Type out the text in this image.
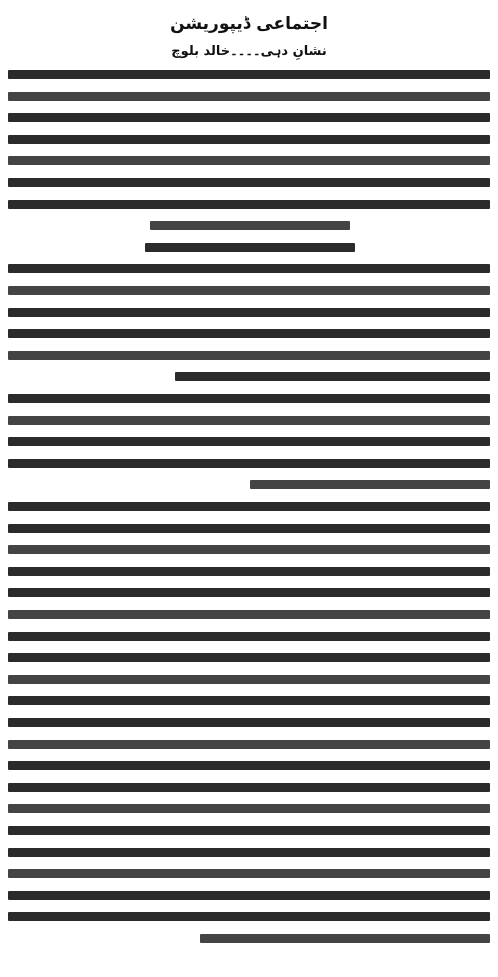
اجتماعی ڈیپوریشن
نشانِ دہی۔۔۔۔خالد بلوچ
